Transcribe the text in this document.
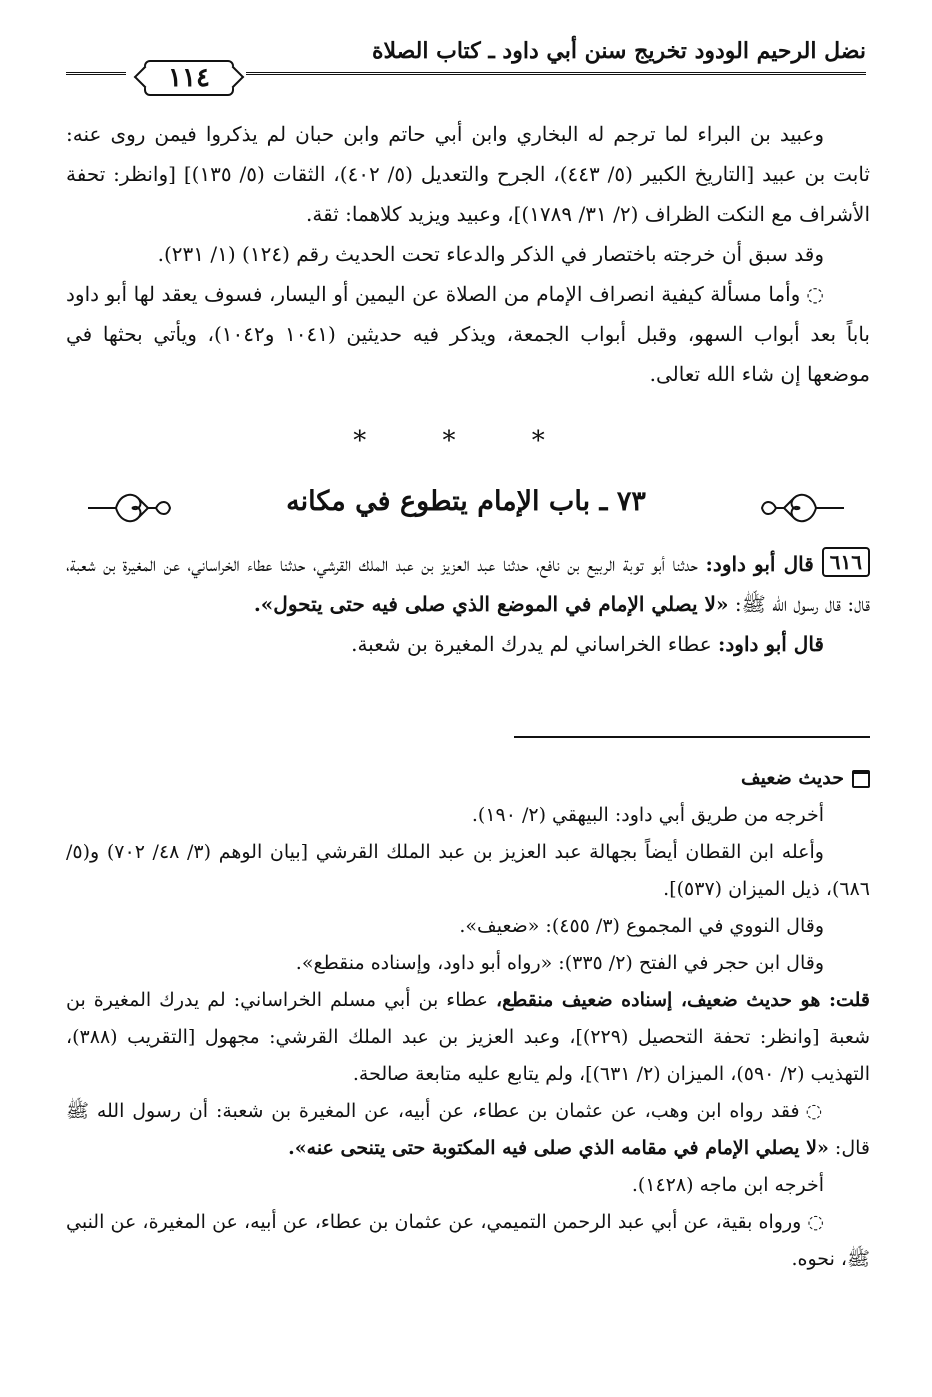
نضل الرحيم الودود تخريج سنن أبي داود ـ كتاب الصلاة
١١٤

وعبيد بن البراء لما ترجم له البخاري وابن أبي حاتم وابن حبان لم يذكروا فيمن روى عنه: ثابت بن عبيد [التاريخ الكبير (٥/ ٤٤٣)، الجرح والتعديل (٥/ ٤٠٢)، الثقات (٥/ ١٣٥)] [وانظر: تحفة الأشراف مع النكت الظراف (٢/ ٣١/ ١٧٨٩)]، وعبيد ويزيد كلاهما: ثقة.

وقد سبق أن خرجته باختصار في الذكر والدعاء تحت الحديث رقم (١٢٤) (١/ ٢٣١).

◌وأما مسألة كيفية انصراف الإمام من الصلاة عن اليمين أو اليسار، فسوف يعقد لها أبو داود باباً بعد أبواب السهو، وقبل أبواب الجمعة، ويذكر فيه حديثين (١٠٤١ و١٠٤٢)، ويأتي بحثها في موضعها إن شاء الله تعالى.

* * *
٧٣ ـ باب الإمام يتطوع في مكانه

٦١٦قال أبو داود: حدثنا أبو توبة الربيع بن نافع، حدثنا عبد العزيز بن عبد الملك القرشي، حدثنا عطاء الخراساني، عن المغيرة بن شعبة، قال: قال رسول الله ﷺ: «لا يصلي الإمام في الموضع الذي صلى فيه حتى يتحول».

قال أبو داود: عطاء الخراساني لم يدرك المغيرة بن شعبة.

حديث ضعيف

أخرجه من طريق أبي داود: البيهقي (٢/ ١٩٠).

وأعله ابن القطان أيضاً بجهالة عبد العزيز بن عبد الملك القرشي [بيان الوهم (٣/ ٤٨/ ٧٠٢) و(٥/ ٦٨٦)، ذيل الميزان (٥٣٧)].

وقال النووي في المجموع (٣/ ٤٥٥): «ضعيف».

وقال ابن حجر في الفتح (٢/ ٣٣٥): «رواه أبو داود، وإسناده منقطع».

قلت: هو حديث ضعيف، إسناده ضعيف منقطع، عطاء بن أبي مسلم الخراساني: لم يدرك المغيرة بن شعبة [وانظر: تحفة التحصيل (٢٢٩)]، وعبد العزيز بن عبد الملك القرشي: مجهول [التقريب (٣٨٨)، التهذيب (٢/ ٥٩٠)، الميزان (٢/ ٦٣١)]، ولم يتابع عليه متابعة صالحة.

◌فقد رواه ابن وهب، عن عثمان بن عطاء، عن أبيه، عن المغيرة بن شعبة: أن رسول الله ﷺ قال: «لا يصلي الإمام في مقامه الذي صلى فيه المكتوبة حتى يتنحى عنه».

أخرجه ابن ماجه (١٤٢٨).

◌ورواه بقية، عن أبي عبد الرحمن التميمي، عن عثمان بن عطاء، عن أبيه، عن المغيرة، عن النبي ﷺ، نحوه.
